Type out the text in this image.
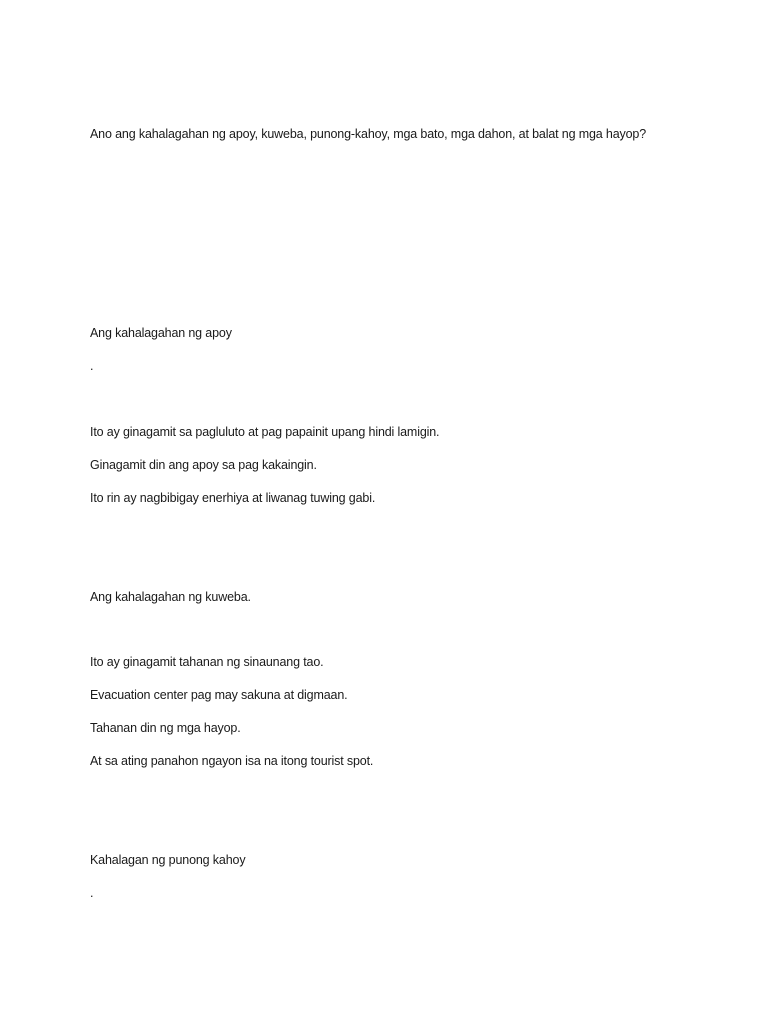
Ano ang kahalagahan ng apoy, kuweba, punong-kahoy, mga bato, mga dahon, at balat ng mga hayop?
Ang kahalagahan ng apoy
.
Ito ay ginagamit sa pagluluto at pag papainit upang hindi lamigin.
Ginagamit din ang apoy sa pag kakaingin.
Ito rin ay nagbibigay enerhiya at liwanag tuwing gabi.
Ang kahalagahan ng kuweba.
Ito ay ginagamit tahanan ng sinaunang tao.
Evacuation center pag may sakuna at digmaan.
Tahanan din ng mga hayop.
At sa ating panahon ngayon isa na itong tourist spot.
Kahalagan ng punong kahoy
.
